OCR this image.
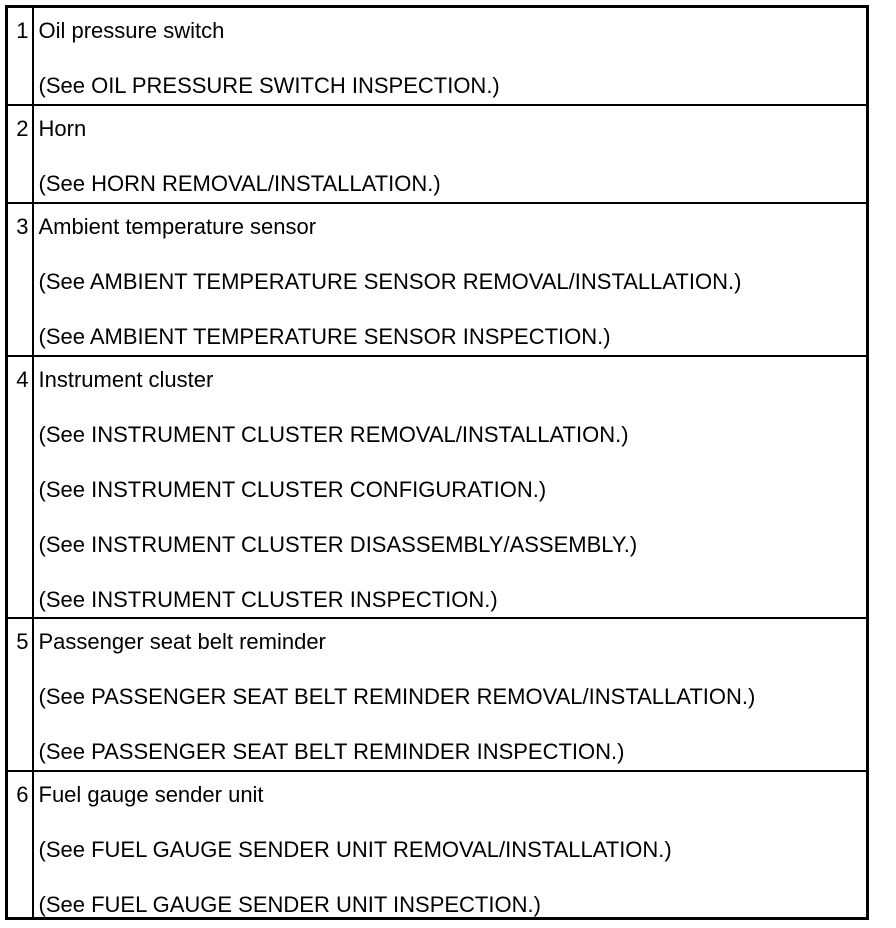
1	Oil pressure switch
(See OIL PRESSURE SWITCH INSPECTION.)

2	Horn
(See HORN REMOVAL/INSTALLATION.)

3	Ambient temperature sensor
(See AMBIENT TEMPERATURE SENSOR REMOVAL/INSTALLATION.)
(See AMBIENT TEMPERATURE SENSOR INSPECTION.)

4	Instrument cluster
(See INSTRUMENT CLUSTER REMOVAL/INSTALLATION.)
(See INSTRUMENT CLUSTER CONFIGURATION.)
(See INSTRUMENT CLUSTER DISASSEMBLY/ASSEMBLY.)
(See INSTRUMENT CLUSTER INSPECTION.)

5	Passenger seat belt reminder
(See PASSENGER SEAT BELT REMINDER REMOVAL/INSTALLATION.)
(See PASSENGER SEAT BELT REMINDER INSPECTION.)

6	Fuel gauge sender unit
(See FUEL GAUGE SENDER UNIT REMOVAL/INSTALLATION.)
(See FUEL GAUGE SENDER UNIT INSPECTION.)
